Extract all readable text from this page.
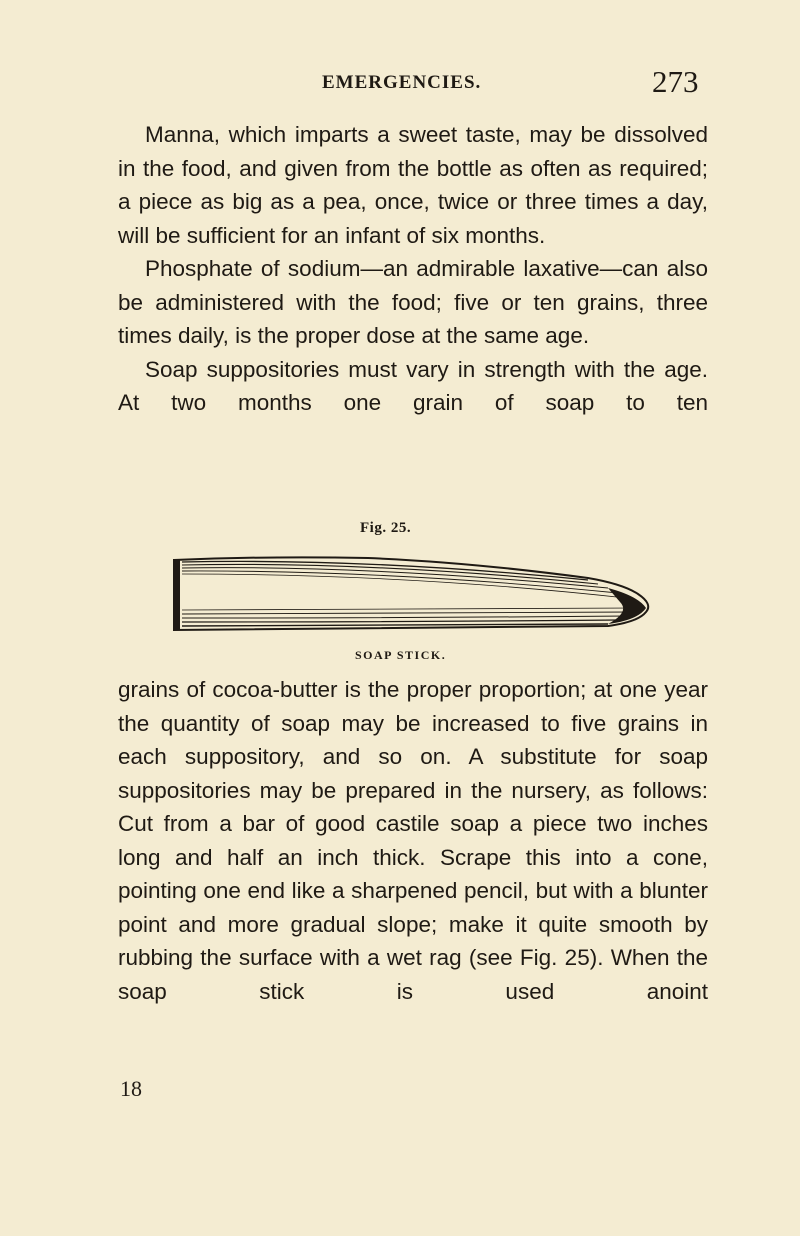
EMERGENCIES.	273

Manna, which imparts a sweet taste, may be dissolved in the food, and given from the bottle as often as required; a piece as big as a pea, once, twice or three times a day, will be sufficient for an infant of six months.

Phosphate of sodium—an admirable laxative—can also be administered with the food; five or ten grains, three times daily, is the proper dose at the same age.

Soap suppositories must vary in strength with the age. At two months one grain of soap to ten

Fig. 25.
SOAP STICK.

grains of cocoa-butter is the proper proportion; at one year the quantity of soap may be increased to five grains in each suppository, and so on. A substitute for soap suppositories may be prepared in the nursery, as follows: Cut from a bar of good castile soap a piece two inches long and half an inch thick. Scrape this into a cone, pointing one end like a sharpened pencil, but with a blunter point and more gradual slope; make it quite smooth by rubbing the surface with a wet rag (see Fig. 25). When the soap stick is used anoint

18
